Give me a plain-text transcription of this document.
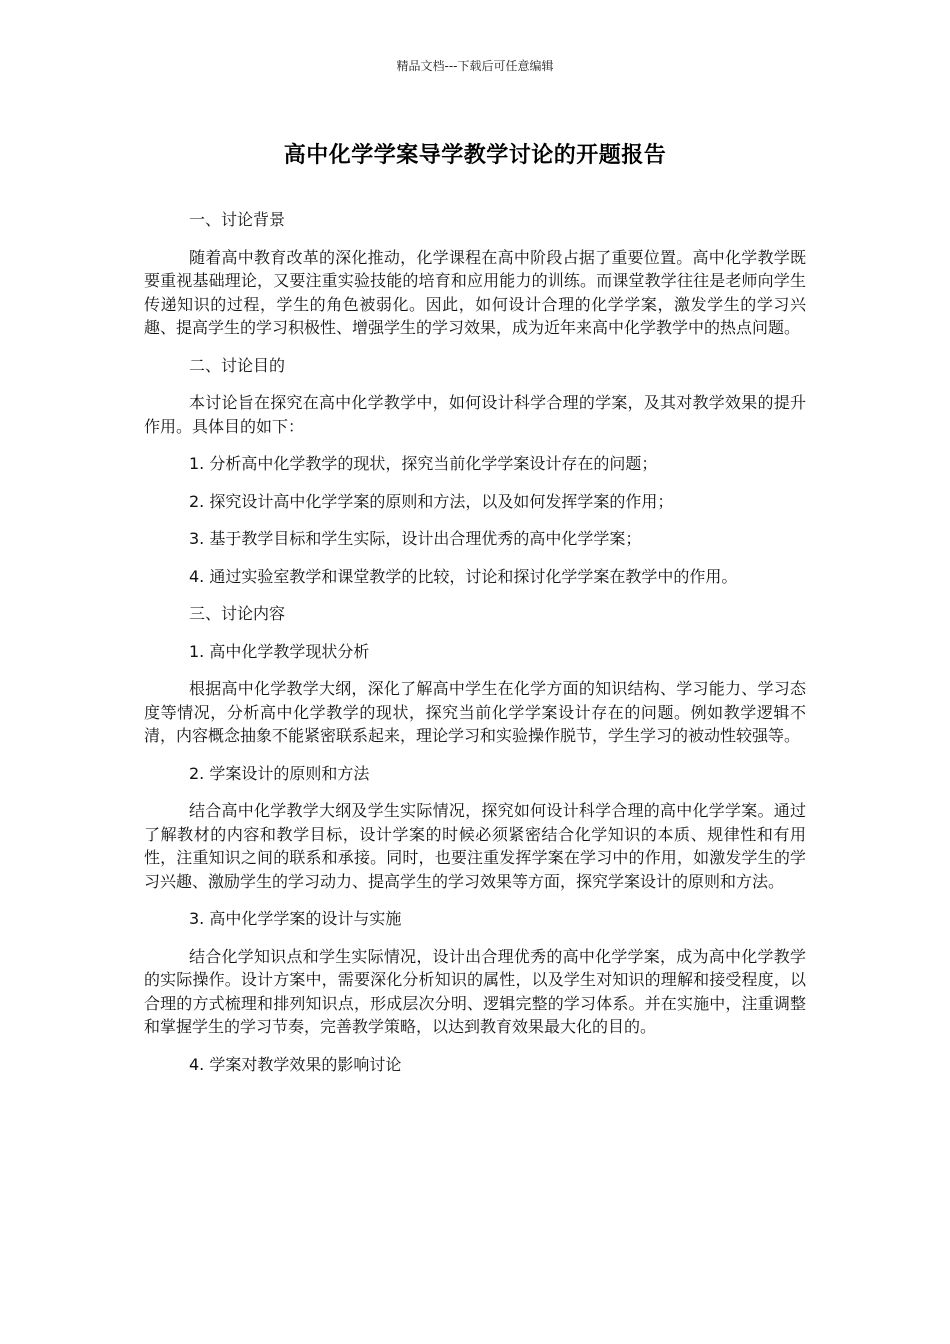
精品文档---下载后可任意编辑
高中化学学案导学教学讨论的开题报告

一、讨论背景

随着高中教育改革的深化推动，化学课程在高中阶段占据了重要位置。高中化学教学既要重视基础理论，又要注重实验技能的培育和应用能力的训练。而课堂教学往往是老师向学生传递知识的过程，学生的角色被弱化。因此，如何设计合理的化学学案，激发学生的学习兴趣、提高学生的学习积极性、增强学生的学习效果，成为近年来高中化学教学中的热点问题。

二、讨论目的

本讨论旨在探究在高中化学教学中，如何设计科学合理的学案，及其对教学效果的提升作用。具体目的如下：

1. 分析高中化学教学的现状，探究当前化学学案设计存在的问题；

2. 探究设计高中化学学案的原则和方法，以及如何发挥学案的作用；

3. 基于教学目标和学生实际，设计出合理优秀的高中化学学案；

4. 通过实验室教学和课堂教学的比较，讨论和探讨化学学案在教学中的作用。

三、讨论内容

1. 高中化学教学现状分析

根据高中化学教学大纲，深化了解高中学生在化学方面的知识结构、学习能力、学习态度等情况，分析高中化学教学的现状，探究当前化学学案设计存在的问题。例如教学逻辑不清，内容概念抽象不能紧密联系起来，理论学习和实验操作脱节，学生学习的被动性较强等。

2. 学案设计的原则和方法

结合高中化学教学大纲及学生实际情况，探究如何设计科学合理的高中化学学案。通过了解教材的内容和教学目标，设计学案的时候必须紧密结合化学知识的本质、规律性和有用性，注重知识之间的联系和承接。同时，也要注重发挥学案在学习中的作用，如激发学生的学习兴趣、激励学生的学习动力、提高学生的学习效果等方面，探究学案设计的原则和方法。

3. 高中化学学案的设计与实施

结合化学知识点和学生实际情况，设计出合理优秀的高中化学学案，成为高中化学教学的实际操作。设计方案中，需要深化分析知识的属性，以及学生对知识的理解和接受程度，以合理的方式梳理和排列知识点，形成层次分明、逻辑完整的学习体系。并在实施中，注重调整和掌握学生的学习节奏，完善教学策略，以达到教育效果最大化的目的。

4. 学案对教学效果的影响讨论
